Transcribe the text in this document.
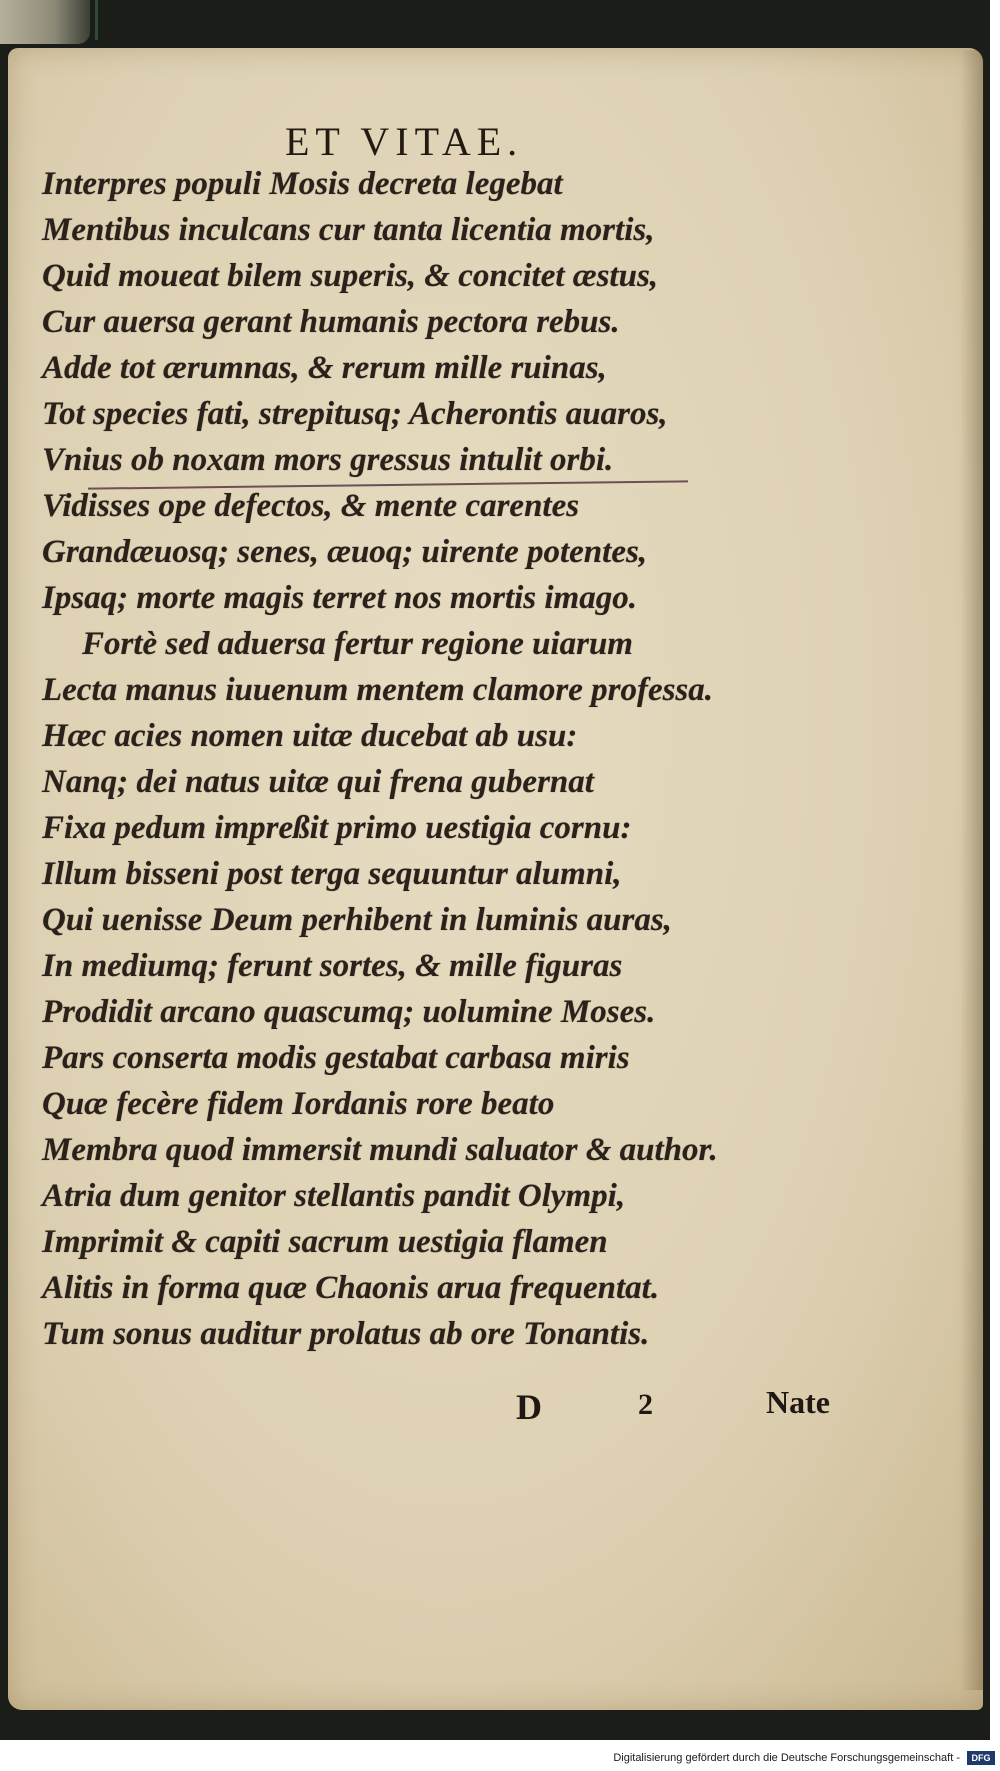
ET VITAE.
Interpres populi Mosis decreta legebat
Mentibus inculcans cur tanta licentia mortis,
Quid moueat bilem superis, & concitet æstus,
Cur auersa gerant humanis pectora rebus.
Adde tot ærumnas, & rerum mille ruinas,
Tot species fati, strepitusq; Acherontis auaros,
Vnius ob noxam mors gressus intulit orbi.
Vidisses ope defectos, & mente carentes
Grandæuosq; senes, æuoq; uirente potentes,
Ipsaq; morte magis terret nos mortis imago.
Fortè sed aduersa fertur regione uiarum
Lecta manus iuuenum mentem clamore professa.
Hæc acies nomen uitæ ducebat ab usu:
Nanq; dei natus uitæ qui frena gubernat
Fixa pedum impreßit primo uestigia cornu:
Illum bisseni post terga sequuntur alumni,
Qui uenisse Deum perhibent in luminis auras,
In mediumq; ferunt sortes, & mille figuras
Prodidit arcano quascumq; uolumine Moses.
Pars conserta modis gestabat carbasa miris
Quæ fecère fidem Iordanis rore beato
Membra quod immersit mundi saluator & author.
Atria dum genitor stellantis pandit Olympi,
Imprimit & capiti sacrum uestigia flamen
Alitis in forma quæ Chaonis arua frequentat.
Tum sonus auditur prolatus ab ore Tonantis.

D	2	Nate

Digitalisierung gefördert durch die Deutsche Forschungsgemeinschaft -	DFG
